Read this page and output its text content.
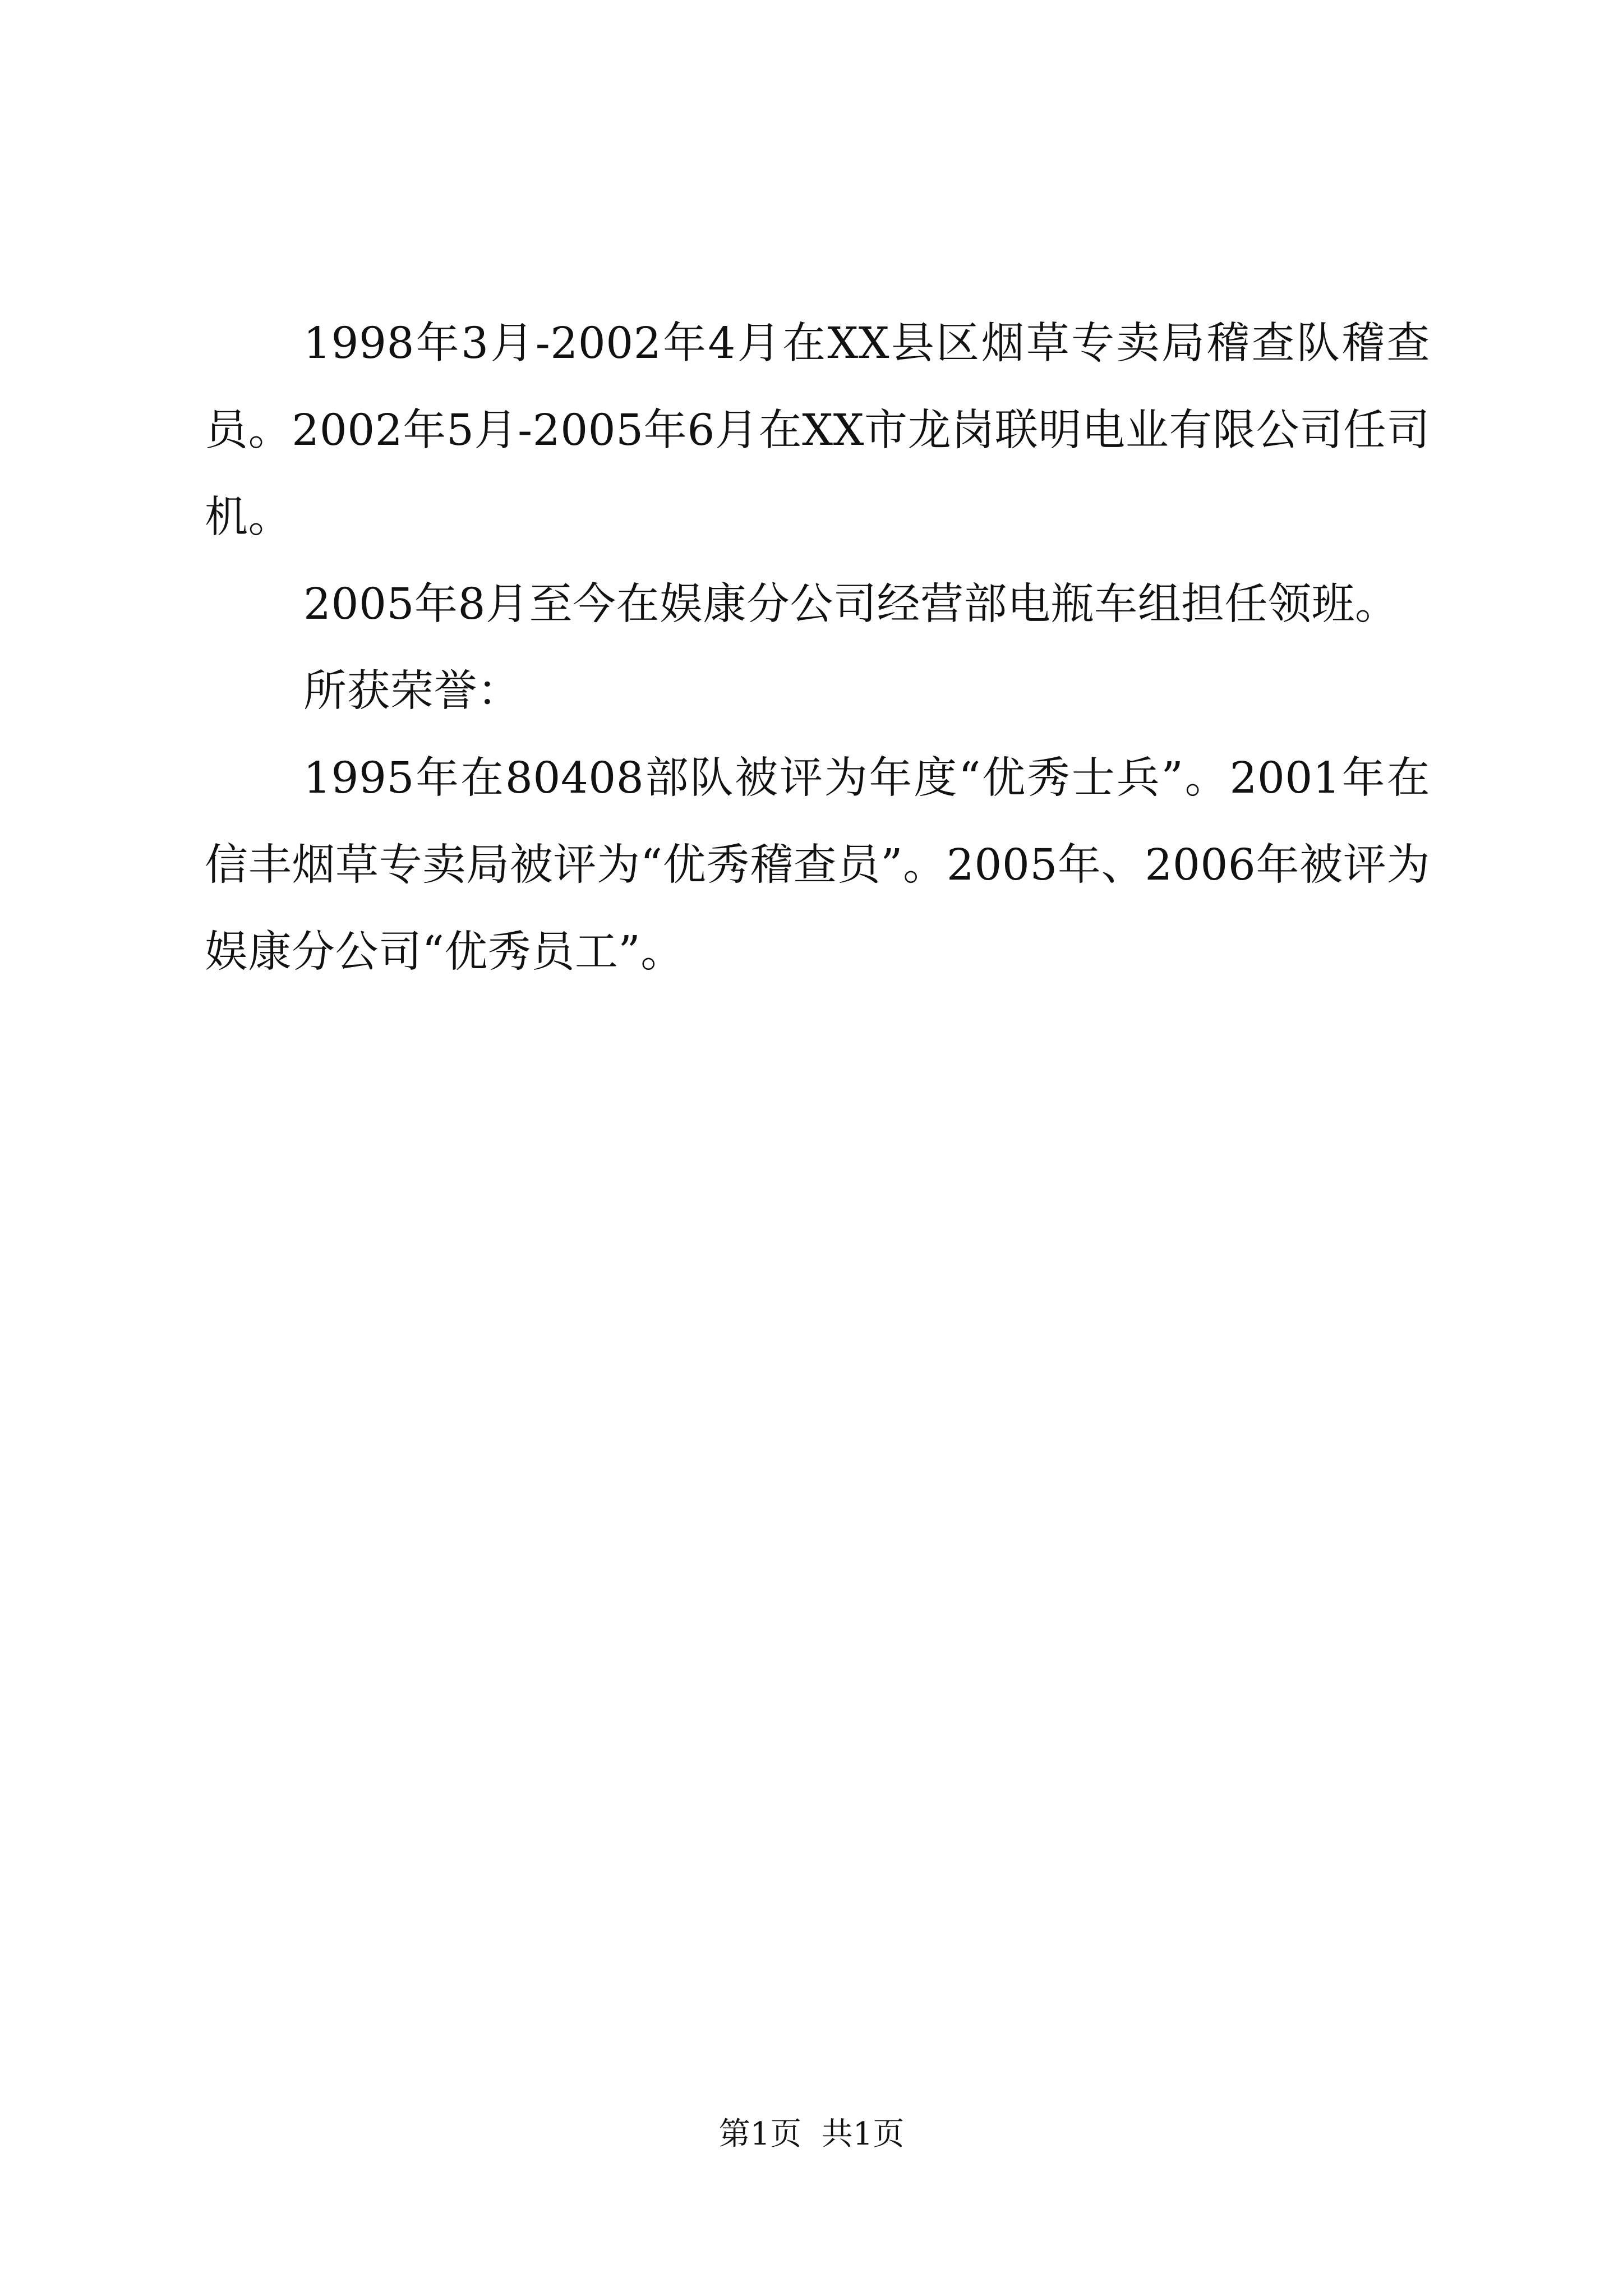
1998年3月-2002年4月在XX县区烟草专卖局稽查队稽查员。2002年5月-2005年6月在XX市龙岗联明电业有限公司任司机。

2005年8月至今在娱康分公司经营部电瓶车组担任领班。

所获荣誉：

1995年在80408部队被评为年度“优秀士兵”。2001年在信丰烟草专卖局被评为“优秀稽查员”。2005年、2006年被评为娱康分公司“优秀员工”。

第1页  共1页
